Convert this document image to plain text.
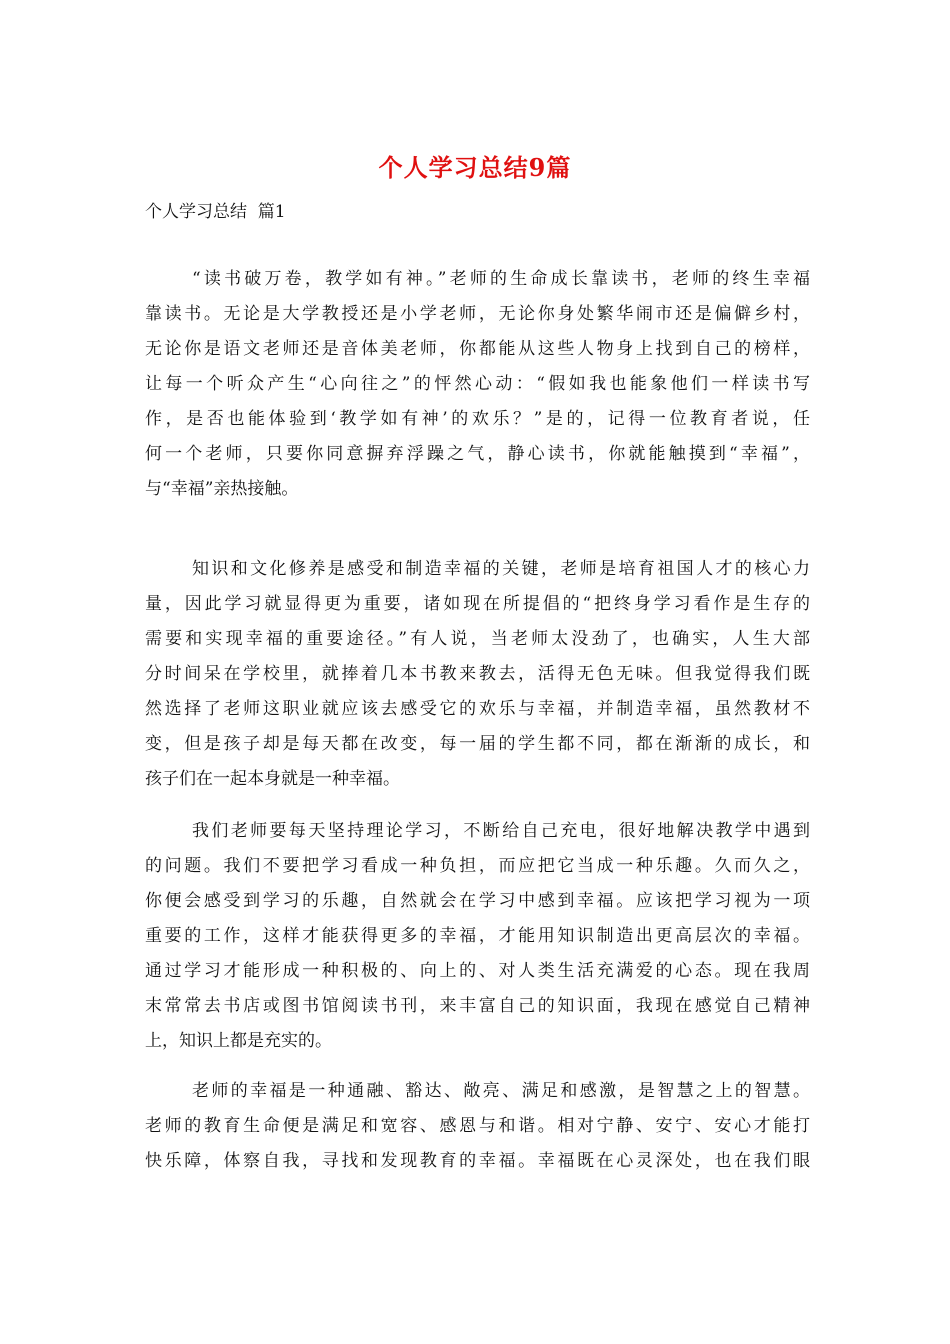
个人学习总结9篇
个人学习总结  篇1
“读书破万卷，教学如有神。”老师的生命成长靠读书，老师的终生幸福
靠读书。无论是大学教授还是小学老师，无论你身处繁华闹市还是偏僻乡村，
无论你是语文老师还是音体美老师，你都能从这些人物身上找到自己的榜样，
让每一个听众产生“心向往之”的怦然心动：“假如我也能象他们一样读书写
作，是否也能体验到‘教学如有神’的欢乐？”是的，记得一位教育者说，任
何一个老师，只要你同意摒弃浮躁之气，静心读书，你就能触摸到“幸福”，
与“幸福”亲热接触。
知识和文化修养是感受和制造幸福的关键，老师是培育祖国人才的核心力
量，因此学习就显得更为重要，诸如现在所提倡的“把终身学习看作是生存的
需要和实现幸福的重要途径。”有人说，当老师太没劲了，也确实，人生大部
分时间呆在学校里，就捧着几本书教来教去，活得无色无味。但我觉得我们既
然选择了老师这职业就应该去感受它的欢乐与幸福，并制造幸福，虽然教材不
变，但是孩子却是每天都在改变，每一届的学生都不同，都在渐渐的成长，和
孩子们在一起本身就是一种幸福。
我们老师要每天坚持理论学习，不断给自己充电，很好地解决教学中遇到
的问题。我们不要把学习看成一种负担，而应把它当成一种乐趣。久而久之，
你便会感受到学习的乐趣，自然就会在学习中感到幸福。应该把学习视为一项
重要的工作，这样才能获得更多的幸福，才能用知识制造出更高层次的幸福。
通过学习才能形成一种积极的、向上的、对人类生活充满爱的心态。现在我周
末常常去书店或图书馆阅读书刊，来丰富自己的知识面，我现在感觉自己精神
上，知识上都是充实的。
老师的幸福是一种通融、豁达、敞亮、满足和感激，是智慧之上的智慧。
老师的教育生命便是满足和宽容、感恩与和谐。相对宁静、安宁、安心才能打
快乐障，体察自我，寻找和发现教育的幸福。幸福既在心灵深处，也在我们眼
